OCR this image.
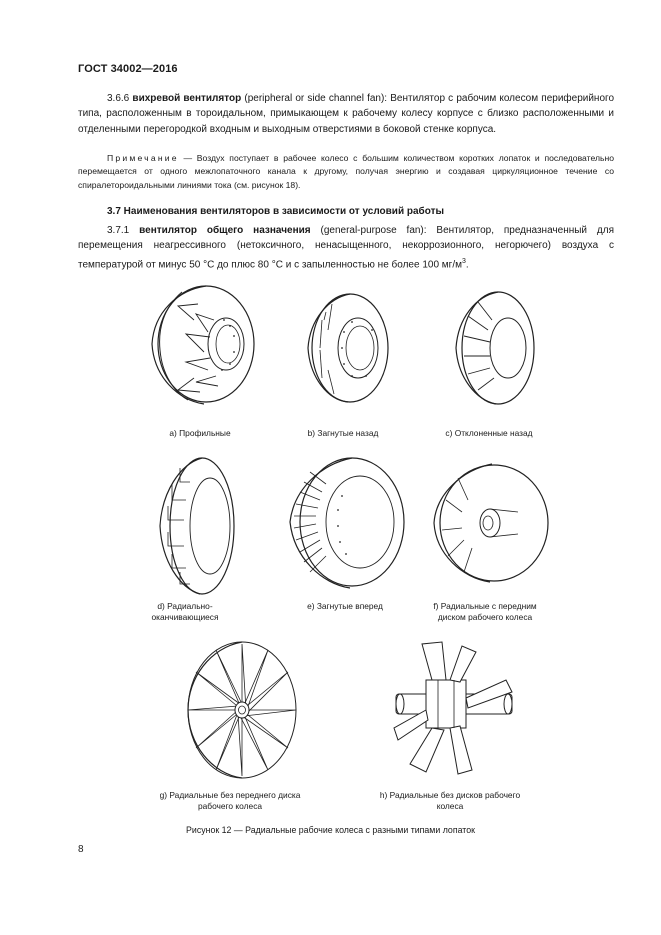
ГОСТ 34002—2016
3.6.6 вихревой вентилятор (peripheral or side channel fan): Вентилятор с рабочим колесом периферийного типа, расположенным в тороидальном, примыкающем к рабочему колесу корпусе с близко расположенными и отделенными перегородкой входным и выходным отверстиями в боковой стенке корпуса.
Примечание — Воздух поступает в рабочее колесо с большим количеством коротких лопаток и последовательно перемещается от одного межлопаточного канала к другому, получая энергию и создавая циркуляционное течение со спиралетороидальными линиями тока (см. рисунок 18).
3.7 Наименования вентиляторов в зависимости от условий работы
3.7.1 вентилятор общего назначения (general-purpose fan): Вентилятор, предназначенный для перемещения неагрессивного (нетоксичного, ненасыщенного, некоррозионного, негорючего) воздуха с температурой от минус 50 °С до плюс 80 °С и с запыленностью не более 100 $мг/м^3$.
а) Профильные	b) Загнутые назад	с) Отклоненные назад
d) Радиально-
оканчивающиеся
e) Загнутые вперед	f) Радиальные с передним
диском рабочего колеса
g) Радиальные без переднего диска
рабочего колеса
h) Радиальные без дисков рабочего
колеса
Рисунок 12 — Радиальные рабочие колеса с разными типами лопаток
8
